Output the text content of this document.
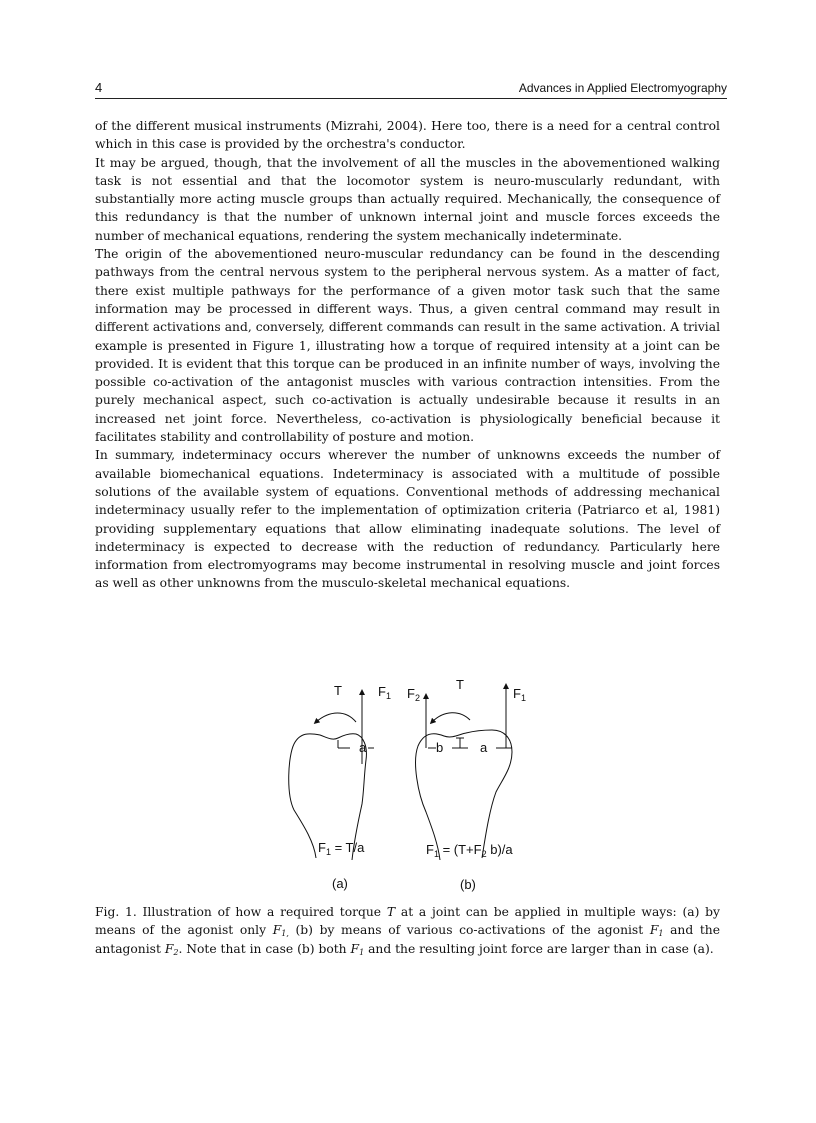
4	Advances in Applied Electromyography

of the different musical instruments (Mizrahi, 2004). Here too, there is a need for a central control which in this case is provided by the orchestra's conductor.

It may be argued, though, that the involvement of all the muscles in the abovementioned walking task is not essential and that the locomotor system is neuro-muscularly redundant, with substantially more acting muscle groups than actually required. Mechanically, the consequence of this redundancy is that the number of unknown internal joint and muscle forces exceeds the number of mechanical equations, rendering the system mechanically indeterminate.

The origin of the abovementioned neuro-muscular redundancy can be found in the descending pathways from the central nervous system to the peripheral nervous system. As a matter of fact, there exist multiple pathways for the performance of a given motor task such that the same information may be processed in different ways. Thus, a given central command may result in different activations and, conversely, different commands can result in the same activation. A trivial example is presented in Figure 1, illustrating how a torque of required intensity at a joint can be provided. It is evident that this torque can be produced in an infinite number of ways, involving the possible co-activation of the antagonist muscles with various contraction intensities. From the purely mechanical aspect, such co-activation is actually undesirable because it results in an increased net joint force. Nevertheless, co-activation is physiologically beneficial because it facilitates stability and controllability of posture and motion.

In summary, indeterminacy occurs wherever the number of unknowns exceeds the number of available biomechanical equations. Indeterminacy is associated with a multitude of possible solutions of the available system of equations. Conventional methods of addressing mechanical indeterminacy usually refer to the implementation of optimization criteria (Patriarco et al, 1981) providing supplementary equations that allow eliminating inadequate solutions. The level of indeterminacy is expected to decrease with the reduction of redundancy. Particularly here information from electromyograms may become instrumental in resolving muscle and joint forces as well as other unknowns from the musculo-skeletal mechanical equations.

T	F1
a
F1 = T/a
(a)
T
F2	F1
b	a
F1 = (T+F2 b)/a
(b)
Fig. 1. Illustration of how a required torque T at a joint can be applied in multiple ways: (a) by means of the agonist only $F_{1,}$ (b) by means of various co-activations of the agonist $F_1$ and the antagonist $F_2$. Note that in case (b) both $F_1$ and the resulting joint force are larger than in case (a).
